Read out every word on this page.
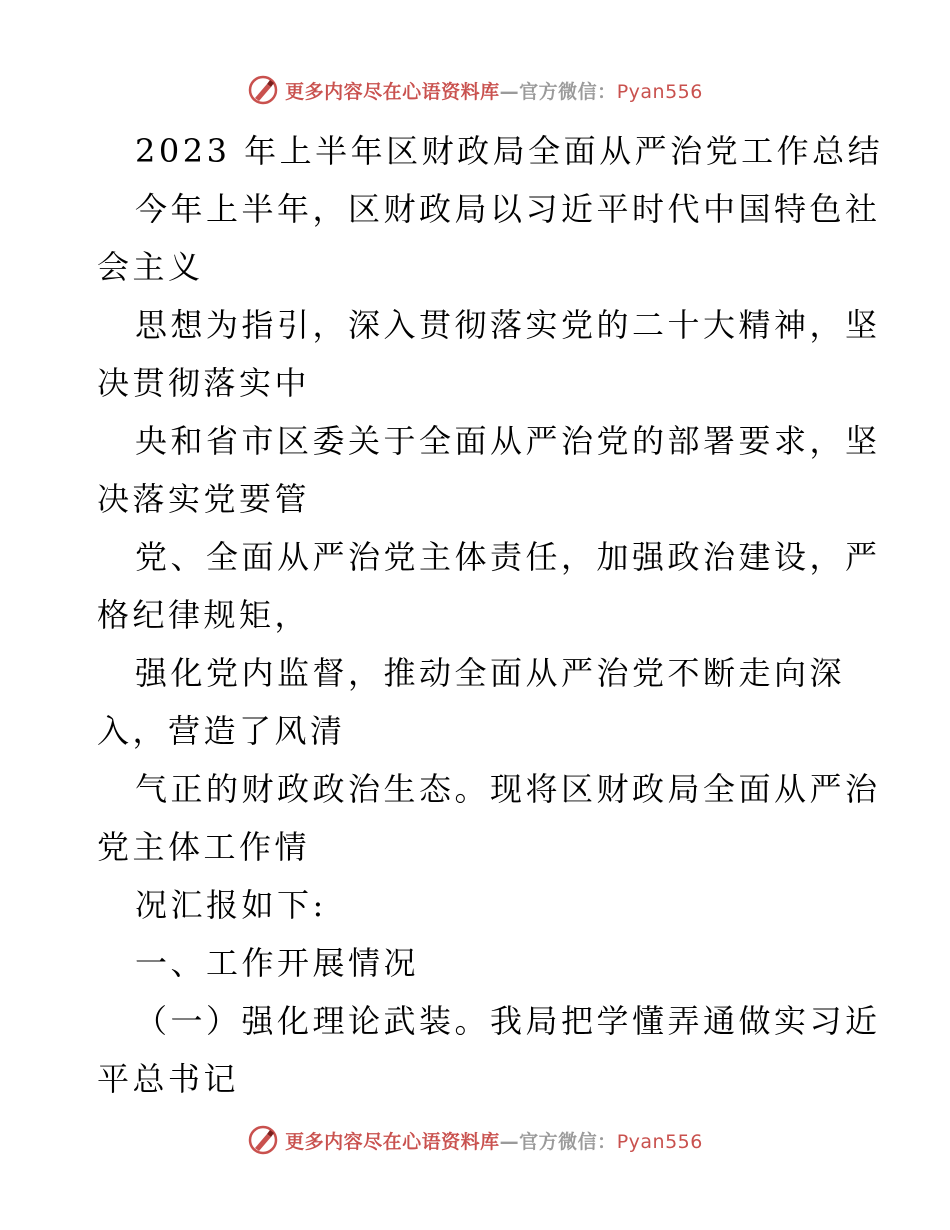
更多内容尽在心语资料库—官方微信：Pyan556
2023 年上半年区财政局全面从严治党工作总结
今年上半年，区财政局以习近平时代中国特色社
会主义
思想为指引，深入贯彻落实党的二十大精神，坚
决贯彻落实中
央和省市区委关于全面从严治党的部署要求，坚
决落实党要管
党、全面从严治党主体责任，加强政治建设，严
格纪律规矩，
强化党内监督，推动全面从严治党不断走向深
入，营造了风清
气正的财政政治生态。现将区财政局全面从严治
党主体工作情
况汇报如下:
一、工作开展情况
（一）强化理论武装。我局把学懂弄通做实习近
平总书记
更多内容尽在心语资料库—官方微信：Pyan556
